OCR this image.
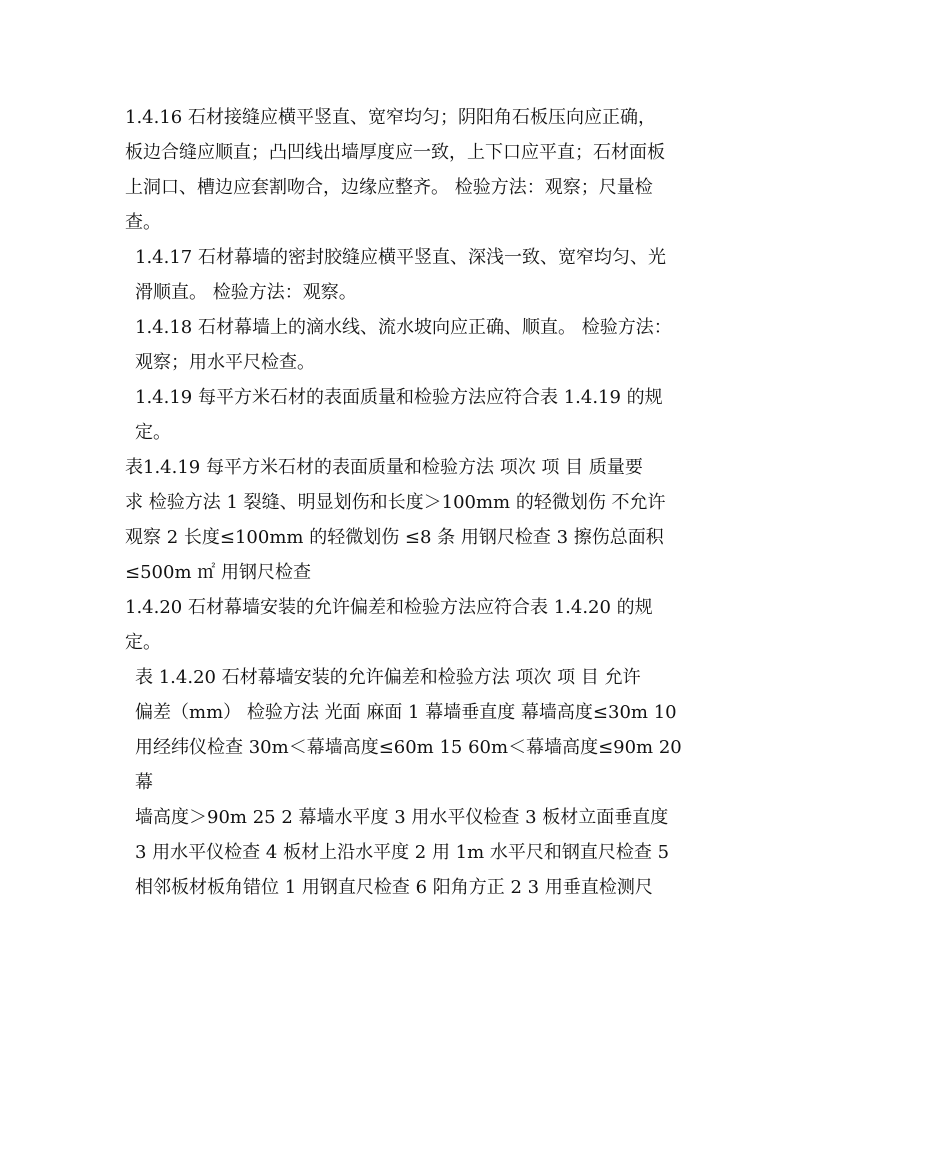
1.4.16 石材接缝应横平竖直、宽窄均匀；阴阳角石板压向应正确，
板边合缝应顺直；凸凹线出墙厚度应一致，上下口应平直；石材面板
上洞口、槽边应套割吻合，边缘应整齐。 检验方法：观察；尺量检
查。

1.4.17 石材幕墙的密封胶缝应横平竖直、深浅一致、宽窄均匀、光
滑顺直。 检验方法：观察。

1.4.18 石材幕墙上的滴水线、流水坡向应正确、顺直。 检验方法：
观察；用水平尺检查。

1.4.19 每平方米石材的表面质量和检验方法应符合表 1.4.19 的规
定。

表1.4.19 每平方米石材的表面质量和检验方法 项次 项 目 质量要
求 检验方法 1 裂缝、明显划伤和长度＞100mm 的轻微划伤 不允许
观察 2 长度≤100mm 的轻微划伤 ≤8 条 用钢尺检查 3 擦伤总面积
≤500m ㎡ 用钢尺检查

1.4.20 石材幕墙安装的允许偏差和检验方法应符合表 1.4.20 的规
定。

表 1.4.20 石材幕墙安装的允许偏差和检验方法 项次 项 目 允许
偏差（mm） 检验方法 光面 麻面 1 幕墙垂直度 幕墙高度≤30m 10
用经纬仪检查 30m＜幕墙高度≤60m 15 60m＜幕墙高度≤90m 20 幕
墙高度＞90m 25 2 幕墙水平度 3 用水平仪检查 3 板材立面垂直度
3 用水平仪检查 4 板材上沿水平度 2 用 1m 水平尺和钢直尺检查 5
相邻板材板角错位 1 用钢直尺检查 6 阳角方正 2 3 用垂直检测尺
